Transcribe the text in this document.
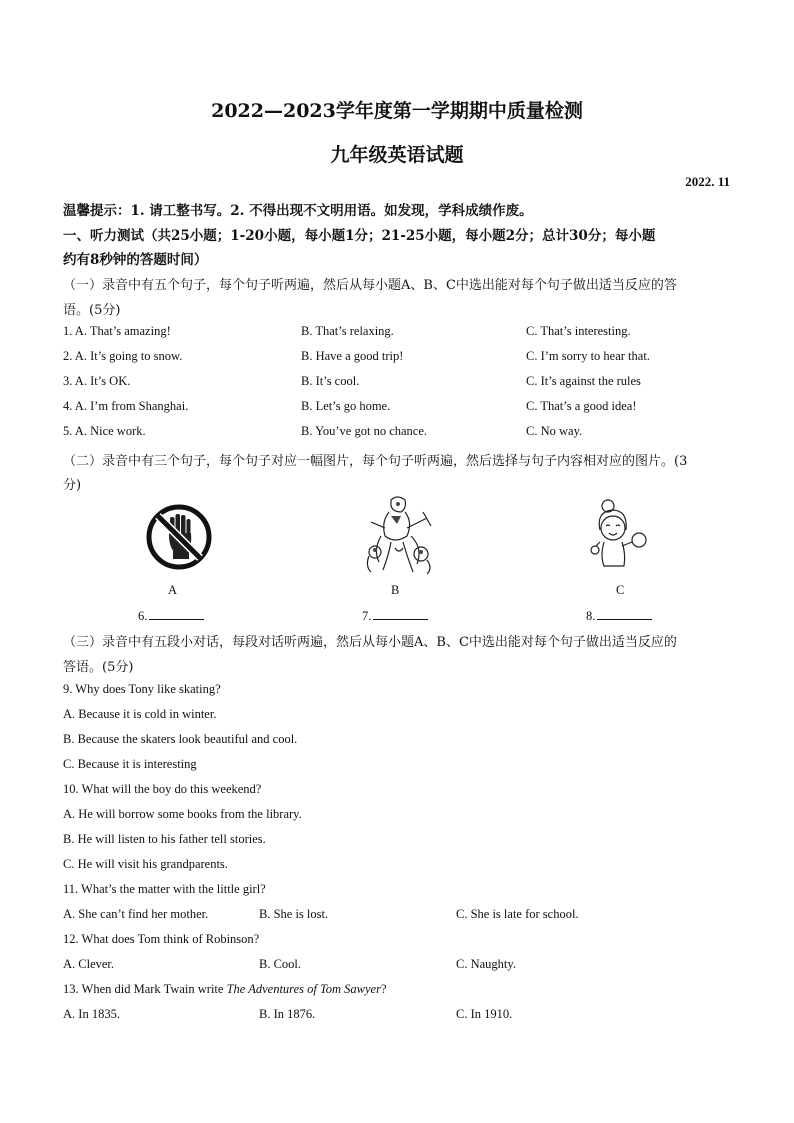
2022—2023学年度第一学期期中质量检测
九年级英语试题
2022. 11
温馨提示：1. 请工整书写。2. 不得出现不文明用语。如发现，学科成绩作废。
一、听力测试（共25小题；1-20小题，每小题1分；21-25小题，每小题2分；总计30分；每小题
约有8秒钟的答题时间）
（一）录音中有五个句子，每个句子听两遍，然后从每小题A、B、C中选出能对每个句子做出适当反应的答
语。(5分)
1. A. That’s amazing!	B. That’s relaxing.	C. That’s interesting.
2. A. It’s going to snow.	B. Have a good trip!	C. I’m sorry to hear that.
3. A. It’s OK.	B. It’s cool.	C. It’s against the rules
4. A. I’m from Shanghai.	B. Let’s go home.	C. That’s a good idea!
5. A. Nice work.	B. You’ve got no chance.	C. No way.
（二）录音中有三个句子，每个句子对应一幅图片，每个句子听两遍，然后选择与句子内容相对应的图片。(3
分)
A	B	C
6.	7.	8.
（三）录音中有五段小对话，每段对话听两遍，然后从每小题A、B、C中选出能对每个句子做出适当反应的
答语。(5分)
9. Why does Tony like skating?
A. Because it is cold in winter.
B. Because the skaters look beautiful and cool.
C. Because it is interesting
10. What will the boy do this weekend?
A. He will borrow some books from the library.
B. He will listen to his father tell stories.
C. He will visit his grandparents.
11. What’s the matter with the little girl?
A. She can’t find her mother.	B. She is lost.	C. She is late for school.
12. What does Tom think of Robinson?
A. Clever.	B. Cool.	C. Naughty.
13. When did Mark Twain write The Adventures of Tom Sawyer?
A. In 1835.	B. In 1876.	C. In 1910.
